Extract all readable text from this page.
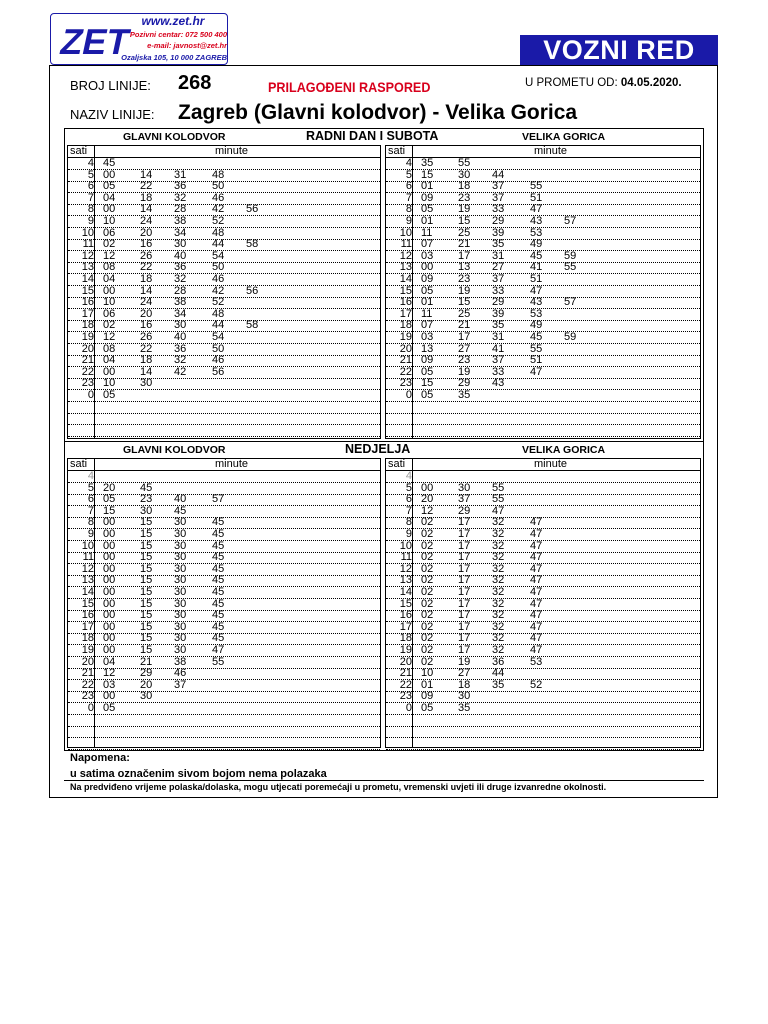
ZET
www.zet.hr
Pozivni centar: 072 500 400
e-mail: javnost@zet.hr
Ozaljska 105, 10 000 ZAGREB	VOZNI RED
BROJ LINIJE: 268	PRILAGOĐENI RASPORED	U PROMETU OD: 04.05.2020.
NAZIV LINIJE: Zagreb (Glavni kolodvor) - Velika Gorica
GLAVNI KOLODVOR	RADNI DAN I SUBOTA	VELIKA GORICA
sati	minute
4 45
5 00	14	31	48
6 05	22	36	50
7 04	18	32	46
8 00	14	28	42	56
9 10	24	38	52
10 06	20	34	48
11 02	16	30	44	58
12 12	26	40	54
13 08	22	36	50
14 04	18	32	46
15 00	14	28	42	56
16 10	24	38	52
17 06	20	34	48
18 02	16	30	44	58
19 12	26	40	54
20 08	22	36	50
21 04	18	32	46
22 00	14	42	56
23 10	30
0 05
sati	minute
4 35	55
5 15	30	44
6 01	18	37	55
7 09	23	37	51
8 05	19	33	47
9 01	15	29	43	57
10 11	25	39	53
11 07	21	35	49
12 03	17	31	45	59
13 00	13	27	41	55
14 09	23	37	51
15 05	19	33	47
16 01	15	29	43	57
17 11	25	39	53
18 07	21	35	49
19 03	17	31	45	59
20 13	27	41	55
21 09	23	37	51
22 05	19	33	47
23 15	29	43
0 05	35
GLAVNI KOLODVOR	NEDJELJA	VELIKA GORICA
sati	minute
4
5 20	45
6 05	23	40	57
7 15	30	45
8 00	15	30	45
9 00	15	30	45
10 00	15	30	45
11 00	15	30	45
12 00	15	30	45
13 00	15	30	45
14 00	15	30	45
15 00	15	30	45
16 00	15	30	45
17 00	15	30	45
18 00	15	30	45
19 00	15	30	47
20 04	21	38	55
21 12	29	46
22 03	20	37
23 00	30
0 05
sati	minute
4
5 00	30	55
6 20	37	55
7 12	29	47
8 02	17	32	47
9 02	17	32	47
10 02	17	32	47
11 02	17	32	47
12 02	17	32	47
13 02	17	32	47
14 02	17	32	47
15 02	17	32	47
16 02	17	32	47
17 02	17	32	47
18 02	17	32	47
19 02	17	32	47
20 02	19	36	53
21 10	27	44
22 01	18	35	52
23 09	30
0 05	35
Napomena:
u satima označenim sivom bojom nema polazaka
Na predviđeno vrijeme polaska/dolaska, mogu utjecati poremećaji u prometu, vremenski uvjeti ili druge izvanredne okolnosti.
